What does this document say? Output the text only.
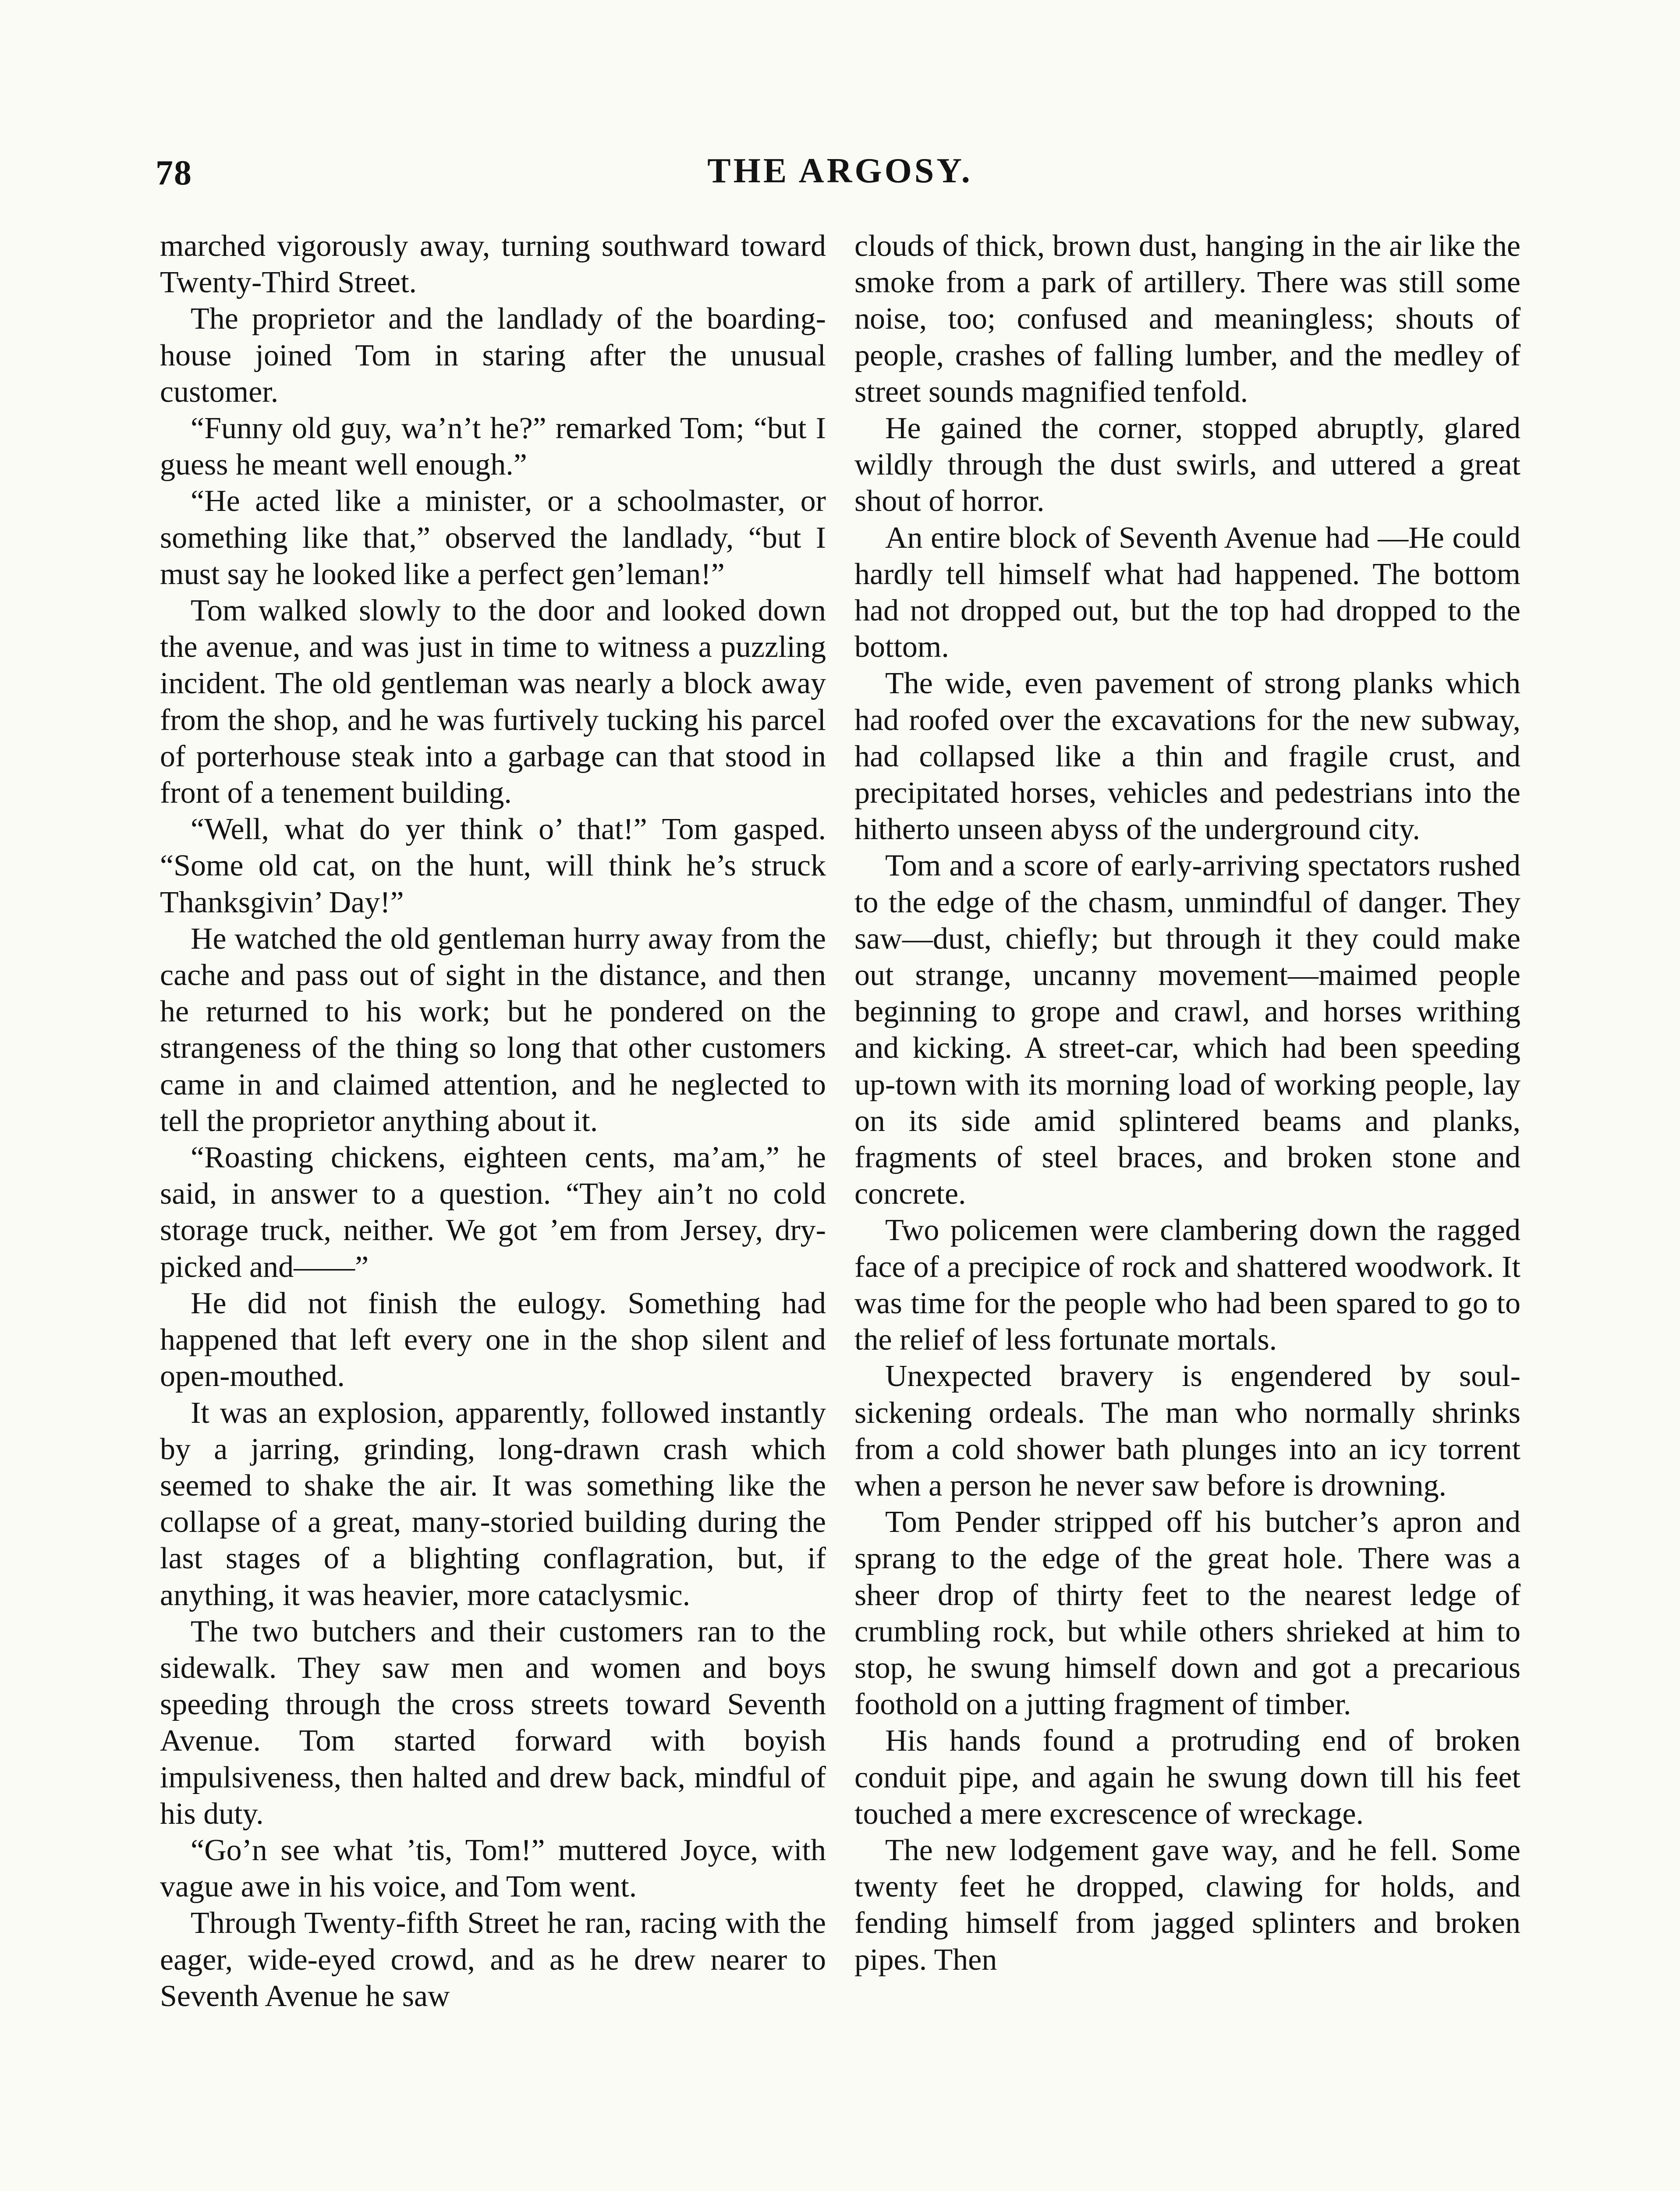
78	THE ARGOSY.

marched vigorously away, turning southward toward Twenty-Third Street.

The proprietor and the landlady of the boarding-house joined Tom in staring after the unusual customer.

“Funny old guy, wa’n’t he?” remarked Tom; “but I guess he meant well enough.”

“He acted like a minister, or a schoolmaster, or something like that,” observed the landlady, “but I must say he looked like a perfect gen’leman!”

Tom walked slowly to the door and looked down the avenue, and was just in time to witness a puzzling incident. The old gentleman was nearly a block away from the shop, and he was furtively tucking his parcel of porterhouse steak into a garbage can that stood in front of a tenement building.

“Well, what do yer think o’ that!” Tom gasped. “Some old cat, on the hunt, will think he’s struck Thanksgivin’ Day!”

He watched the old gentleman hurry away from the cache and pass out of sight in the distance, and then he returned to his work; but he pondered on the strangeness of the thing so long that other customers came in and claimed attention, and he neglected to tell the proprietor anything about it.

“Roasting chickens, eighteen cents, ma’am,” he said, in answer to a question. “They ain’t no cold storage truck, neither. We got ’em from Jersey, dry-picked and——”

He did not finish the eulogy. Something had happened that left every one in the shop silent and open-mouthed.

It was an explosion, apparently, followed instantly by a jarring, grinding, long-drawn crash which seemed to shake the air. It was something like the collapse of a great, many-storied building during the last stages of a blighting conflagration, but, if anything, it was heavier, more cataclysmic.

The two butchers and their customers ran to the sidewalk. They saw men and women and boys speeding through the cross streets toward Seventh Avenue. Tom started forward with boyish impulsiveness, then halted and drew back, mindful of his duty.

“Go’n see what ’tis, Tom!” muttered Joyce, with vague awe in his voice, and Tom went.

Through Twenty-fifth Street he ran, racing with the eager, wide-eyed crowd, and as he drew nearer to Seventh Avenue he saw

clouds of thick, brown dust, hanging in the air like the smoke from a park of artillery. There was still some noise, too; confused and meaningless; shouts of people, crashes of falling lumber, and the medley of street sounds magnified tenfold.

He gained the corner, stopped abruptly, glared wildly through the dust swirls, and uttered a great shout of horror.

An entire block of Seventh Avenue had —He could hardly tell himself what had happened. The bottom had not dropped out, but the top had dropped to the bottom.

The wide, even pavement of strong planks which had roofed over the excavations for the new subway, had collapsed like a thin and fragile crust, and precipitated horses, vehicles and pedestrians into the hitherto unseen abyss of the underground city.

Tom and a score of early-arriving spectators rushed to the edge of the chasm, unmindful of danger. They saw—dust, chiefly; but through it they could make out strange, uncanny movement—maimed people beginning to grope and crawl, and horses writhing and kicking. A street-car, which had been speeding up-town with its morning load of working people, lay on its side amid splintered beams and planks, fragments of steel braces, and broken stone and concrete.

Two policemen were clambering down the ragged face of a precipice of rock and shattered woodwork. It was time for the people who had been spared to go to the relief of less fortunate mortals.

Unexpected bravery is engendered by soul-sickening ordeals. The man who normally shrinks from a cold shower bath plunges into an icy torrent when a person he never saw before is drowning.

Tom Pender stripped off his butcher’s apron and sprang to the edge of the great hole. There was a sheer drop of thirty feet to the nearest ledge of crumbling rock, but while others shrieked at him to stop, he swung himself down and got a precarious foothold on a jutting fragment of timber.

His hands found a protruding end of broken conduit pipe, and again he swung down till his feet touched a mere excrescence of wreckage.

The new lodgement gave way, and he fell. Some twenty feet he dropped, clawing for holds, and fending himself from jagged splinters and broken pipes. Then
